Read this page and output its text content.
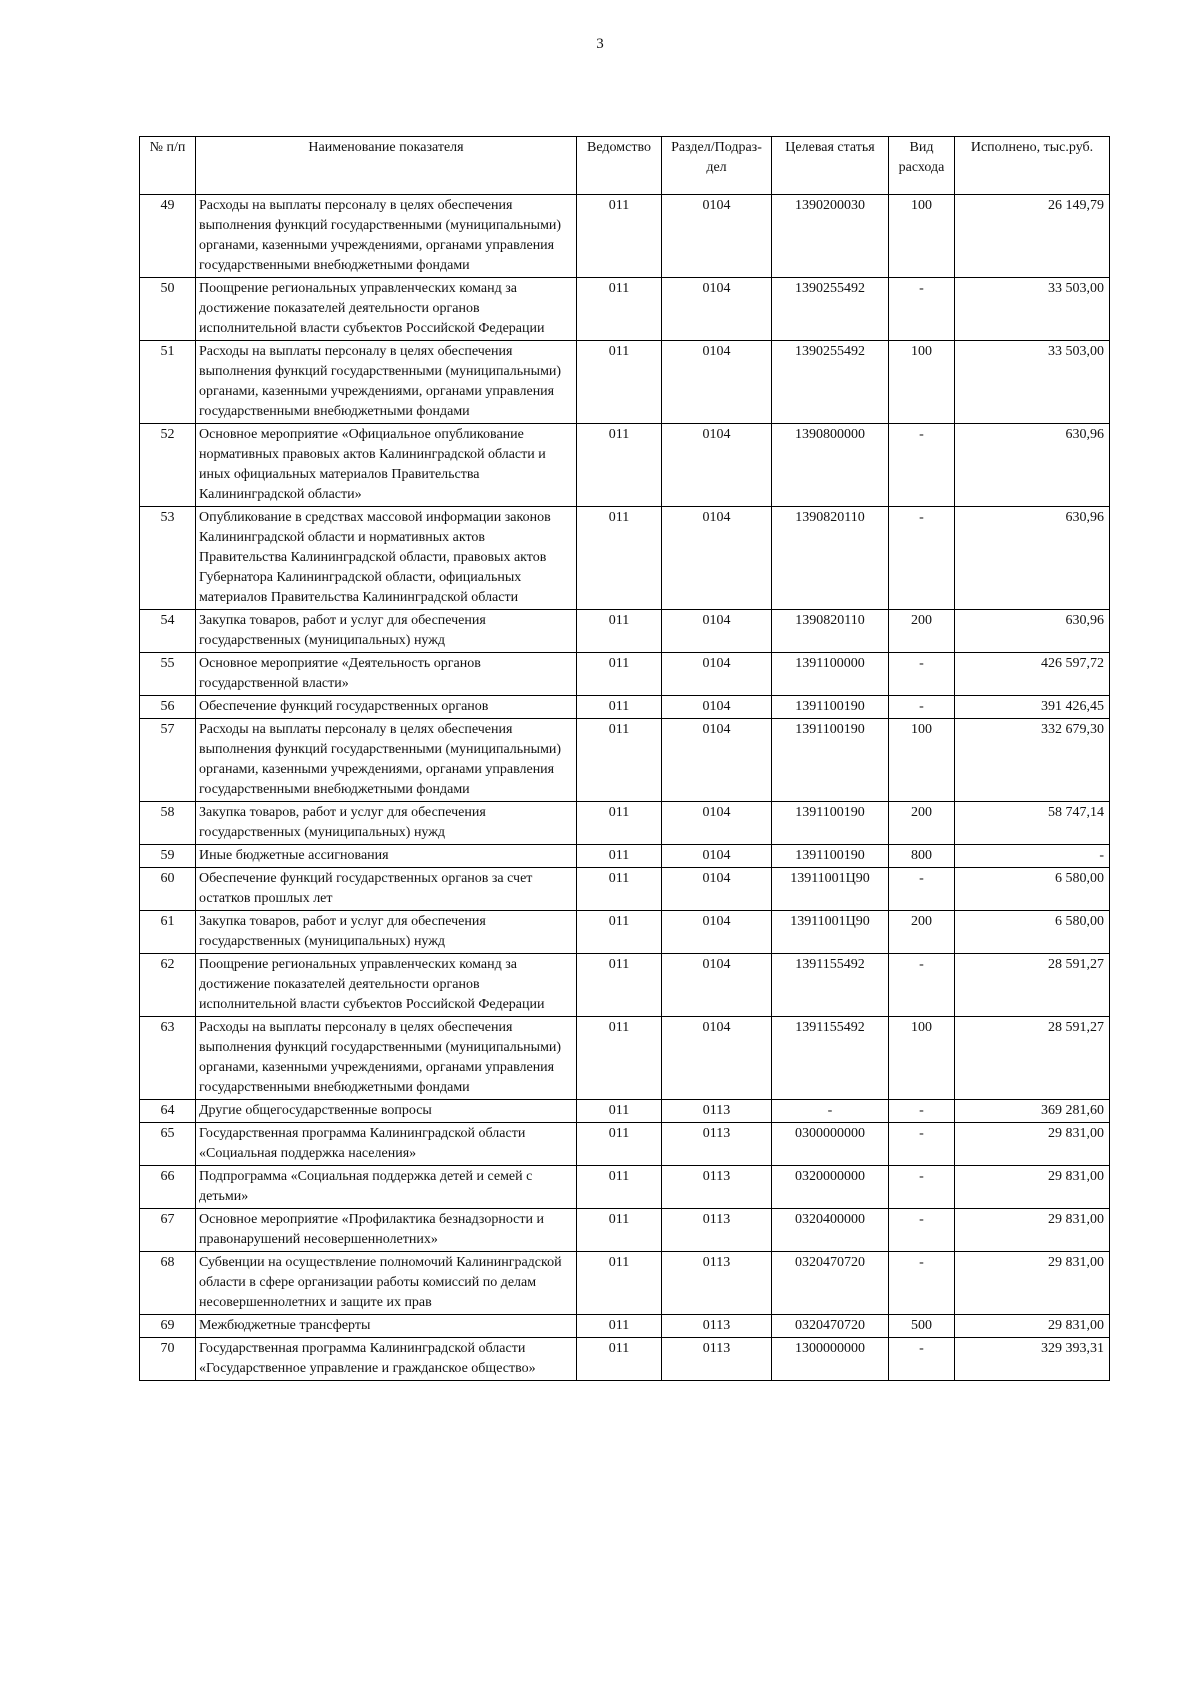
3
№ п/п	Наименование показателя	Ведомство	Раздел/Подраз-дел	Целевая статья	Вид расхода	Исполнено, тыс.руб.
49	Расходы на выплаты персоналу в целях обеспечения выполнения функций государственными (муниципальными) органами, казенными учреждениями, органами управления государственными внебюджетными фондами	011	0104	1390200030	100	26 149,79
50	Поощрение региональных управленческих команд за достижение показателей деятельности органов исполнительной власти субъектов Российской Федерации	011	0104	1390255492	-	33 503,00
51	Расходы на выплаты персоналу в целях обеспечения выполнения функций государственными (муниципальными) органами, казенными учреждениями, органами управления государственными внебюджетными фондами	011	0104	1390255492	100	33 503,00
52	Основное мероприятие «Официальное опубликование нормативных правовых актов Калининградской области и иных официальных материалов Правительства Калининградской области»	011	0104	1390800000	-	630,96
53	Опубликование в средствах массовой информации законов Калининградской области и нормативных актов Правительства Калининградской области, правовых актов Губернатора Калининградской области, официальных материалов Правительства Калининградской области	011	0104	1390820110	-	630,96
54	Закупка товаров, работ и услуг для обеспечения государственных (муниципальных) нужд	011	0104	1390820110	200	630,96
55	Основное мероприятие «Деятельность органов государственной власти»	011	0104	1391100000	-	426 597,72
56	Обеспечение функций государственных органов	011	0104	1391100190	-	391 426,45
57	Расходы на выплаты персоналу в целях обеспечения выполнения функций государственными (муниципальными) органами, казенными учреждениями, органами управления государственными внебюджетными фондами	011	0104	1391100190	100	332 679,30
58	Закупка товаров, работ и услуг для обеспечения государственных (муниципальных) нужд	011	0104	1391100190	200	58 747,14
59	Иные бюджетные ассигнования	011	0104	1391100190	800	-
60	Обеспечение функций государственных органов за счет остатков прошлых лет	011	0104	13911001Ц90	-	6 580,00
61	Закупка товаров, работ и услуг для обеспечения государственных (муниципальных) нужд	011	0104	13911001Ц90	200	6 580,00
62	Поощрение региональных управленческих команд за достижение показателей деятельности органов исполнительной власти субъектов Российской Федерации	011	0104	1391155492	-	28 591,27
63	Расходы на выплаты персоналу в целях обеспечения выполнения функций государственными (муниципальными) органами, казенными учреждениями, органами управления государственными внебюджетными фондами	011	0104	1391155492	100	28 591,27
64	Другие общегосударственные вопросы	011	0113	-	-	369 281,60
65	Государственная программа Калининградской области «Социальная поддержка населения»	011	0113	0300000000	-	29 831,00
66	Подпрограмма «Социальная поддержка детей и семей с детьми»	011	0113	0320000000	-	29 831,00
67	Основное мероприятие «Профилактика безнадзорности и правонарушений несовершеннолетних»	011	0113	0320400000	-	29 831,00
68	Субвенции на осуществление полномочий Калининградской области в сфере организации работы комиссий по делам несовершеннолетних и защите их прав	011	0113	0320470720	-	29 831,00
69	Межбюджетные трансферты	011	0113	0320470720	500	29 831,00
70	Государственная программа Калининградской области «Государственное управление и гражданское общество»	011	0113	1300000000	-	329 393,31
